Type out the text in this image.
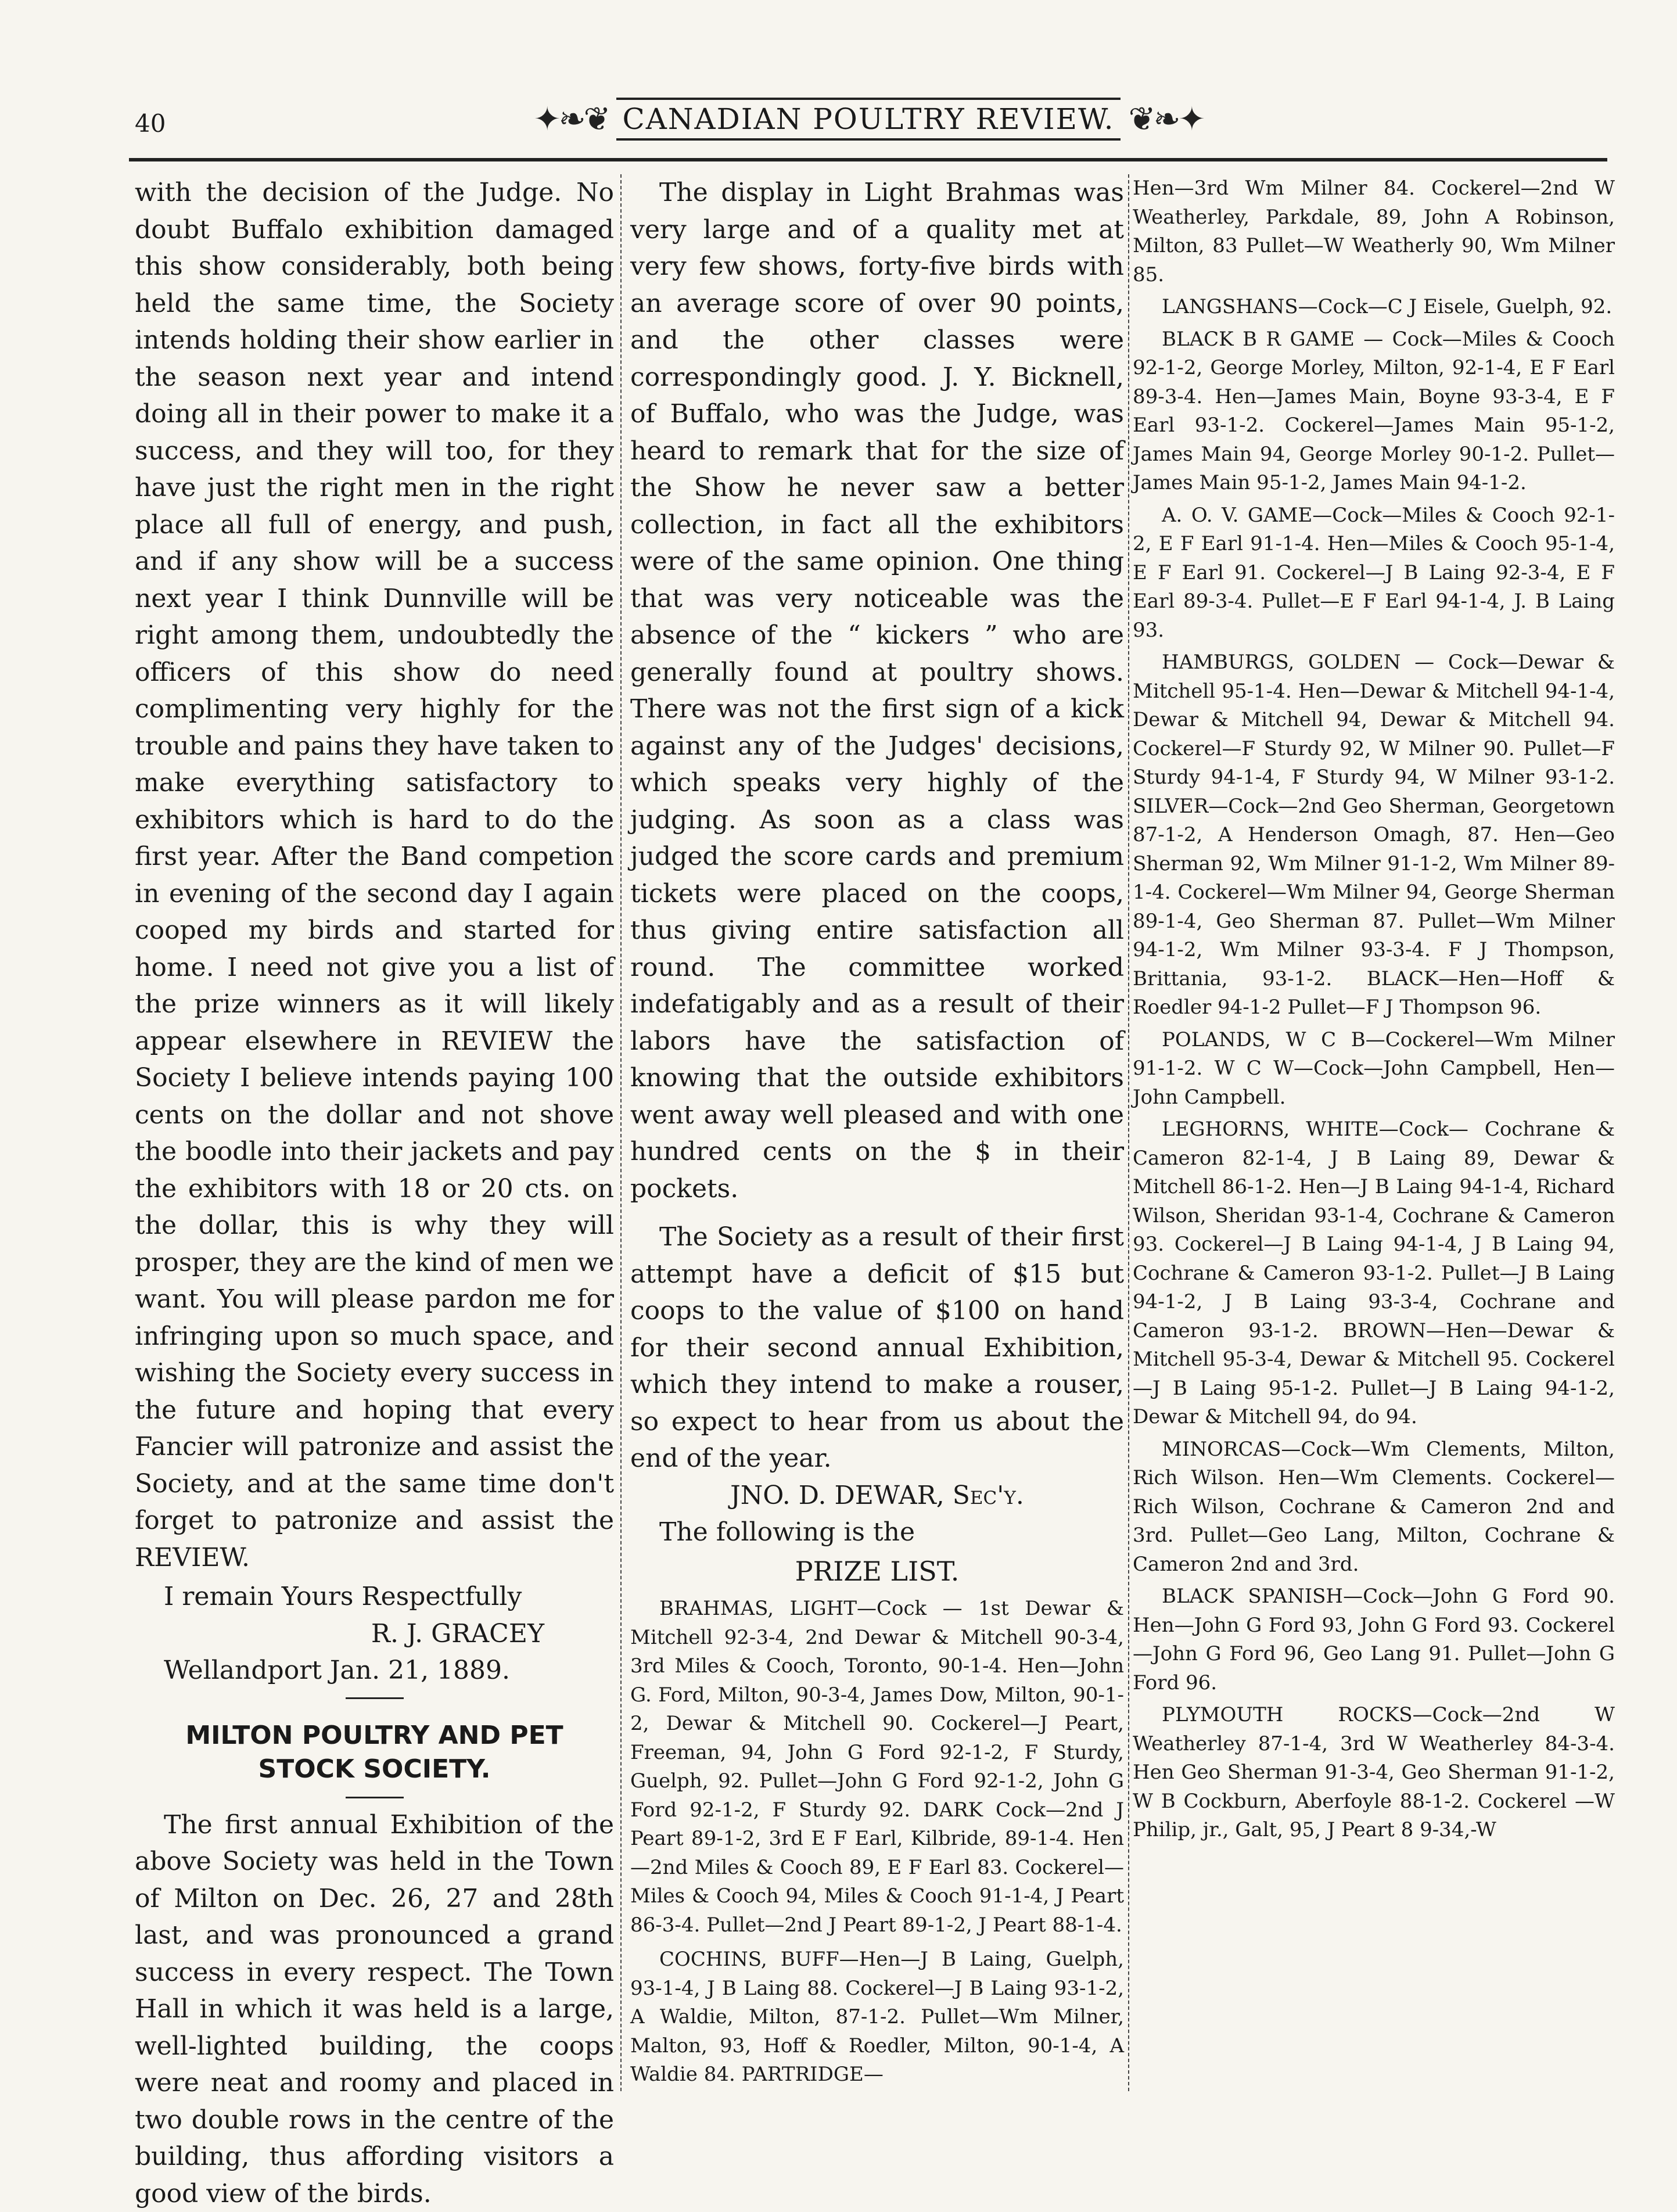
40	✦❧❦ CANADIAN POULTRY REVIEW. ❦❧✦

with the decision of the Judge. No doubt Buffalo exhibition damaged this show considerably, both being held the same time, the Society intends holding their show earlier in the season next year and intend doing all in their power to make it a success, and they will too, for they have just the right men in the right place all full of energy, and push, and if any show will be a success next year I think Dunnville will be right among them, undoubtedly the officers of this show do need complimenting very highly for the trouble and pains they have taken to make everything satisfactory to exhibitors which is hard to do the first year. After the Band competion in evening of the second day I again cooped my birds and started for home. I need not give you a list of the prize winners as it will likely appear elsewhere in REVIEW the Society I believe intends paying 100 cents on the dollar and not shove the boodle into their jackets and pay the exhibitors with 18 or 20 cts. on the dollar, this is why they will prosper, they are the kind of men we want. You will please pardon me for infringing upon so much space, and wishing the Society every success in the future and hoping that every Fancier will patronize and assist the Society, and at the same time don't forget to patronize and assist the REVIEW.

I remain Yours Respectfully

R. J. GRACEY

Wellandport Jan. 21, 1889.

MILTON POULTRY AND PET STOCK SOCIETY.

The first annual Exhibition of the above Society was held in the Town of Milton on Dec. 26, 27 and 28th last, and was pronounced a grand success in every respect. The Town Hall in which it was held is a large, well-lighted building, the coops were neat and roomy and placed in two double rows in the centre of the building, thus affording visitors a good view of the birds.

The display in Light Brahmas was very large and of a quality met at very few shows, forty-five birds with an average score of over 90 points, and the other classes were correspondingly good. J. Y. Bicknell, of Buffalo, who was the Judge, was heard to remark that for the size of the Show he never saw a better collection, in fact all the exhibitors were of the same opinion. One thing that was very noticeable was the absence of the “ kickers ” who are generally found at poultry shows. There was not the first sign of a kick against any of the Judges' decisions, which speaks very highly of the judging. As soon as a class was judged the score cards and premium tickets were placed on the coops, thus giving entire satisfaction all round. The committee worked indefatigably and as a result of their labors have the satisfaction of knowing that the outside exhibitors went away well pleased and with one hundred cents on the $ in their pockets.

The Society as a result of their first attempt have a deficit of $15 but coops to the value of $100 on hand for their second annual Exhibition, which they intend to make a rouser, so expect to hear from us about the end of the year.

JNO. D. DEWAR, Sec'y.

The following is the

PRIZE LIST.

BRAHMAS, LIGHT—Cock — 1st Dewar & Mitchell 92-3-4, 2nd Dewar & Mitchell 90-3-4, 3rd Miles & Cooch, Toronto, 90-1-4. Hen—John G. Ford, Milton, 90-3-4, James Dow, Milton, 90-1-2, Dewar & Mitchell 90. Cockerel—J Peart, Freeman, 94, John G Ford 92-1-2, F Sturdy, Guelph, 92. Pullet—John G Ford 92-1-2, John G Ford 92-1-2, F Sturdy 92. DARK Cock—2nd J Peart 89-1-2, 3rd E F Earl, Kilbride, 89-1-4. Hen—2nd Miles & Cooch 89, E F Earl 83. Cockerel—Miles & Cooch 94, Miles & Cooch 91-1-4, J Peart 86-3-4. Pullet—2nd J Peart 89-1-2, J Peart 88-1-4.

COCHINS, BUFF—Hen—J B Laing, Guelph, 93-1-4, J B Laing 88. Cockerel—J B Laing 93-1-2, A Waldie, Milton, 87-1-2. Pullet—Wm Milner, Malton, 93, Hoff & Roedler, Milton, 90-1-4, A Waldie 84. PARTRIDGE—

Hen—3rd Wm Milner 84. Cockerel—2nd W Weatherley, Parkdale, 89, John A Robinson, Milton, 83 Pullet—W Weatherly 90, Wm Milner 85.

LANGSHANS—Cock—C J Eisele, Guelph, 92.

BLACK B R GAME — Cock—Miles & Cooch 92-1-2, George Morley, Milton, 92-1-4, E F Earl 89-3-4. Hen—James Main, Boyne 93-3-4, E F Earl 93-1-2. Cockerel—James Main 95-1-2, James Main 94, George Morley 90-1-2. Pullet—James Main 95-1-2, James Main 94-1-2.

A. O. V. GAME—Cock—Miles & Cooch 92-1-2, E F Earl 91-1-4. Hen—Miles & Cooch 95-1-4, E F Earl 91. Cockerel—J B Laing 92-3-4, E F Earl 89-3-4. Pullet—E F Earl 94-1-4, J. B Laing 93.

HAMBURGS, GOLDEN — Cock—Dewar & Mitchell 95-1-4. Hen—Dewar & Mitchell 94-1-4, Dewar & Mitchell 94, Dewar & Mitchell 94. Cockerel—F Sturdy 92, W Milner 90. Pullet—F Sturdy 94-1-4, F Sturdy 94, W Milner 93-1-2. SILVER—Cock—2nd Geo Sherman, Georgetown 87-1-2, A Henderson Omagh, 87. Hen—Geo Sherman 92, Wm Milner 91-1-2, Wm Milner 89-1-4. Cockerel—Wm Milner 94, George Sherman 89-1-4, Geo Sherman 87. Pullet—Wm Milner 94-1-2, Wm Milner 93-3-4. F J Thompson, Brittania, 93-1-2. BLACK—Hen—Hoff & Roedler 94-1-2 Pullet—F J Thompson 96.

POLANDS, W C B—Cockerel—Wm Milner 91-1-2. W C W—Cock—John Campbell, Hen—John Campbell.

LEGHORNS, WHITE—Cock— Cochrane & Cameron 82-1-4, J B Laing 89, Dewar & Mitchell 86-1-2. Hen—J B Laing 94-1-4, Richard Wilson, Sheridan 93-1-4, Cochrane & Cameron 93. Cockerel—J B Laing 94-1-4, J B Laing 94, Cochrane & Cameron 93-1-2. Pullet—J B Laing 94-1-2, J B Laing 93-3-4, Cochrane and Cameron 93-1-2. BROWN—Hen—Dewar & Mitchell 95-3-4, Dewar & Mitchell 95. Cockerel—J B Laing 95-1-2. Pullet—J B Laing 94-1-2, Dewar & Mitchell 94, do 94.

MINORCAS—Cock—Wm Clements, Milton, Rich Wilson. Hen—Wm Clements. Cockerel—Rich Wilson, Cochrane & Cameron 2nd and 3rd. Pullet—Geo Lang, Milton, Cochrane & Cameron 2nd and 3rd.

BLACK SPANISH—Cock—John G Ford 90. Hen—John G Ford 93, John G Ford 93. Cockerel—John G Ford 96, Geo Lang 91. Pullet—John G Ford 96.

PLYMOUTH ROCKS—Cock—2nd W Weatherley 87-1-4, 3rd W Weatherley 84-3-4. Hen Geo Sherman 91-3-4, Geo Sherman 91-1-2, W B Cockburn, Aberfoyle 88-1-2. Cockerel —W Philip, jr., Galt, 95, J Peart 8 9-34,-W
